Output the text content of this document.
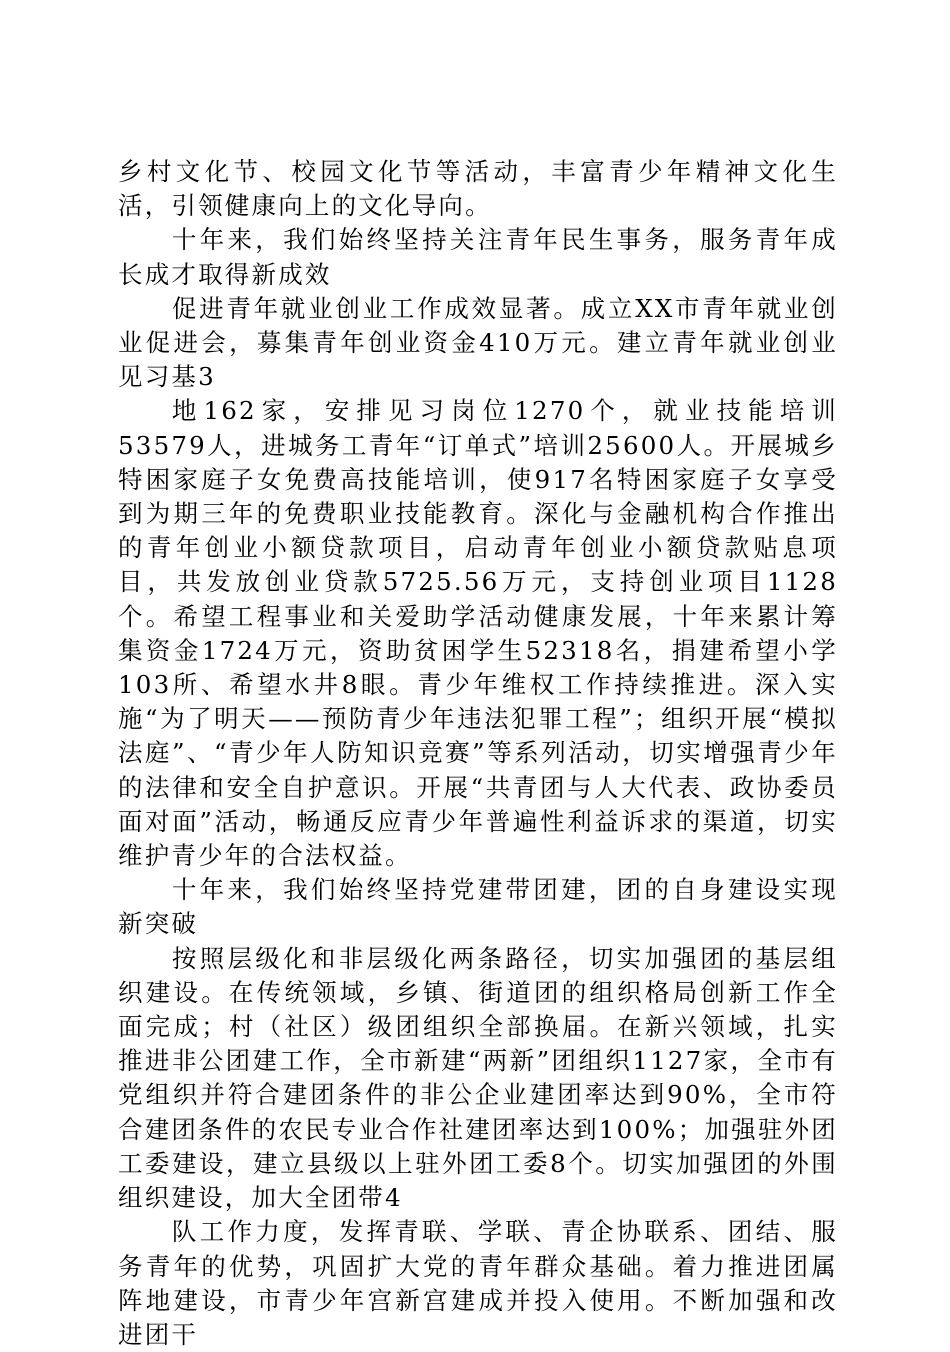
乡村文化节、校园文化节等活动，丰富青少年精神文化生活，引领健康向上的文化导向。

十年来，我们始终坚持关注青年民生事务，服务青年成长成才取得新成效

促进青年就业创业工作成效显著。成立XX市青年就业创业促进会，募集青年创业资金410万元。建立青年就业创业见习基3

地162家，安排见习岗位1270个，就业技能培训53579人，进城务工青年“订单式”培训25600人。开展城乡特困家庭子女免费高技能培训，使917名特困家庭子女享受到为期三年的免费职业技能教育。深化与金融机构合作推出的青年创业小额贷款项目，启动青年创业小额贷款贴息项目，共发放创业贷款5725.56万元，支持创业项目1128个。希望工程事业和关爱助学活动健康发展，十年来累计筹集资金1724万元，资助贫困学生52318名，捐建希望小学103所、希望水井8眼。青少年维权工作持续推进。深入实施“为了明天——预防青少年违法犯罪工程”；组织开展“模拟法庭”、“青少年人防知识竞赛”等系列活动，切实增强青少年的法律和安全自护意识。开展“共青团与人大代表、政协委员面对面”活动，畅通反应青少年普遍性利益诉求的渠道，切实维护青少年的合法权益。

十年来，我们始终坚持党建带团建，团的自身建设实现新突破

按照层级化和非层级化两条路径，切实加强团的基层组织建设。在传统领域，乡镇、街道团的组织格局创新工作全面完成；村（社区）级团组织全部换届。在新兴领域，扎实推进非公团建工作，全市新建“两新”团组织1127家，全市有党组织并符合建团条件的非公企业建团率达到90%，全市符合建团条件的农民专业合作社建团率达到100%；加强驻外团工委建设，建立县级以上驻外团工委8个。切实加强团的外围组织建设，加大全团带4

队工作力度，发挥青联、学联、青企协联系、团结、服务青年的优势，巩固扩大党的青年群众基础。着力推进团属阵地建设，市青少年宫新宫建成并投入使用。不断加强和改进团干
